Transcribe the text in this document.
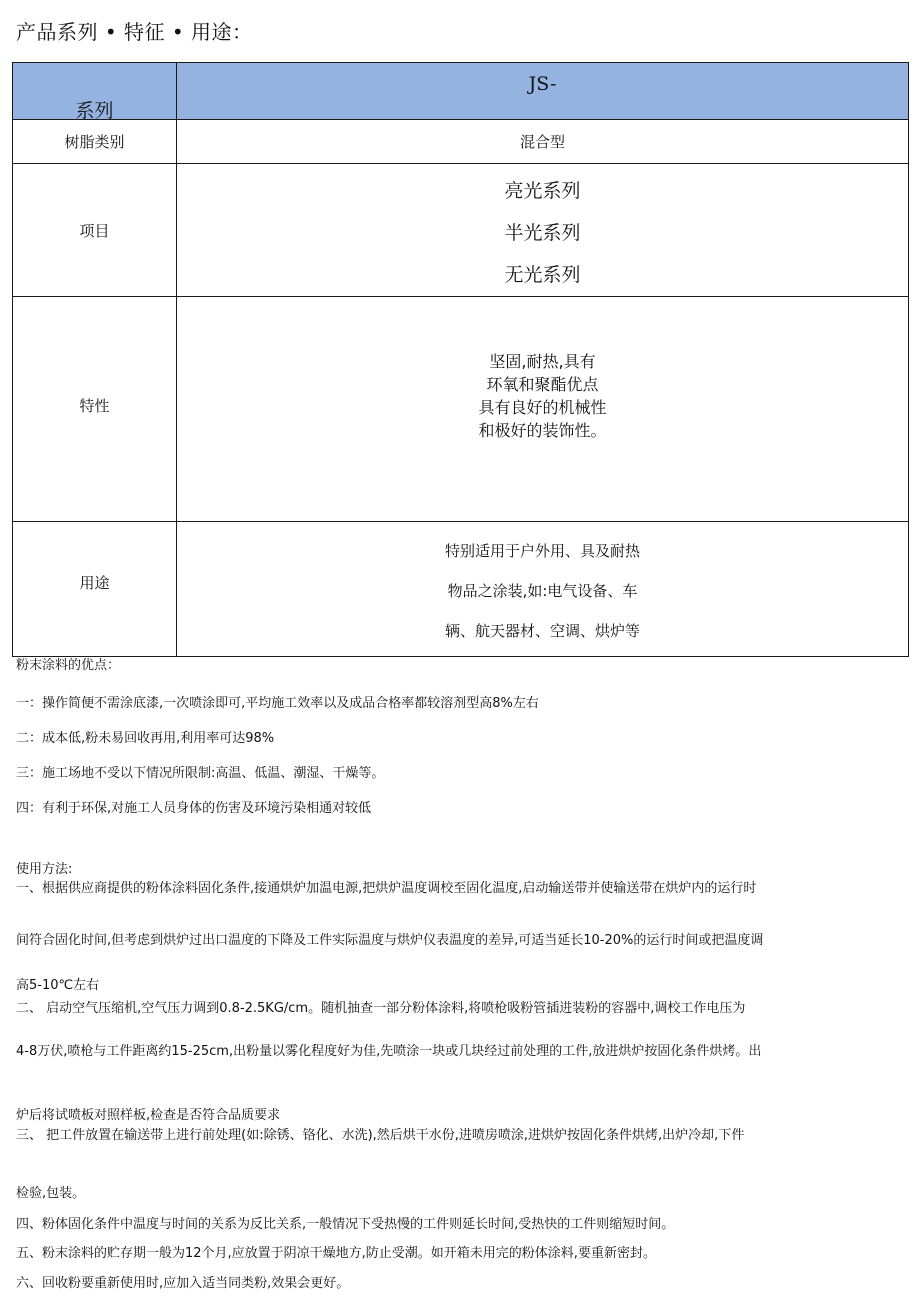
产品系列 • 特征 • 用途：
系列	JS-
树脂类别	混合型
项目	亮光系列
半光系列
无光系列

特性	坚固,耐热,具有
环氧和聚酯优点
具有良好的机械性
和极好的装饰性。

用途	特别适用于户外用、具及耐热
物品之涂装,如:电气设备、车
辆、航天器材、空调、烘炉等
粉末涂料的优点：
一：操作简便不需涂底漆,一次喷涂即可,平均施工效率以及成品合格率都较溶剂型高8%左右
二：成本低,粉未易回收再用,利用率可达98%
三：施工场地不受以下情况所限制:高温、低温、潮湿、干燥等。
四：有利于环保,对施工人员身体的伤害及环境污染相通对较低
使用方法:
一、根据供应商提供的粉体涂料固化条件,接通烘炉加温电源,把烘炉温度调校至固化温度,启动输送带并使输送带在烘炉内的运行时
间符合固化时间,但考虑到烘炉过出口温度的下降及工件实际温度与烘炉仪表温度的差异,可适当延长10-20%的运行时间或把温度调
高5-10℃左右
二、 启动空气压缩机,空气压力调到0.8-2.5KG/cm。随机抽查一部分粉体涂料,将喷枪吸粉管插进装粉的容器中,调校工作电压为
4-8万伏,喷枪与工件距离约15-25cm,出粉量以雾化程度好为佳,先喷涂一块或几块经过前处理的工件,放进烘炉按固化条件烘烤。出
炉后将试喷板对照样板,检查是否符合品质要求
三、 把工件放置在输送带上进行前处理(如:除锈、铬化、水洗),然后烘干水份,进喷房喷涂,进烘炉按固化条件烘烤,出炉冷却,下件
检验,包装。
四、粉体固化条件中温度与时间的关系为反比关系,一般情况下受热慢的工件则延长时间,受热快的工件则缩短时间。
五、粉末涂料的贮存期一般为12个月,应放置于阴凉干燥地方,防止受潮。如开箱未用完的粉体涂料,要重新密封。
六、回收粉要重新使用时,应加入适当同类粉,效果会更好。
